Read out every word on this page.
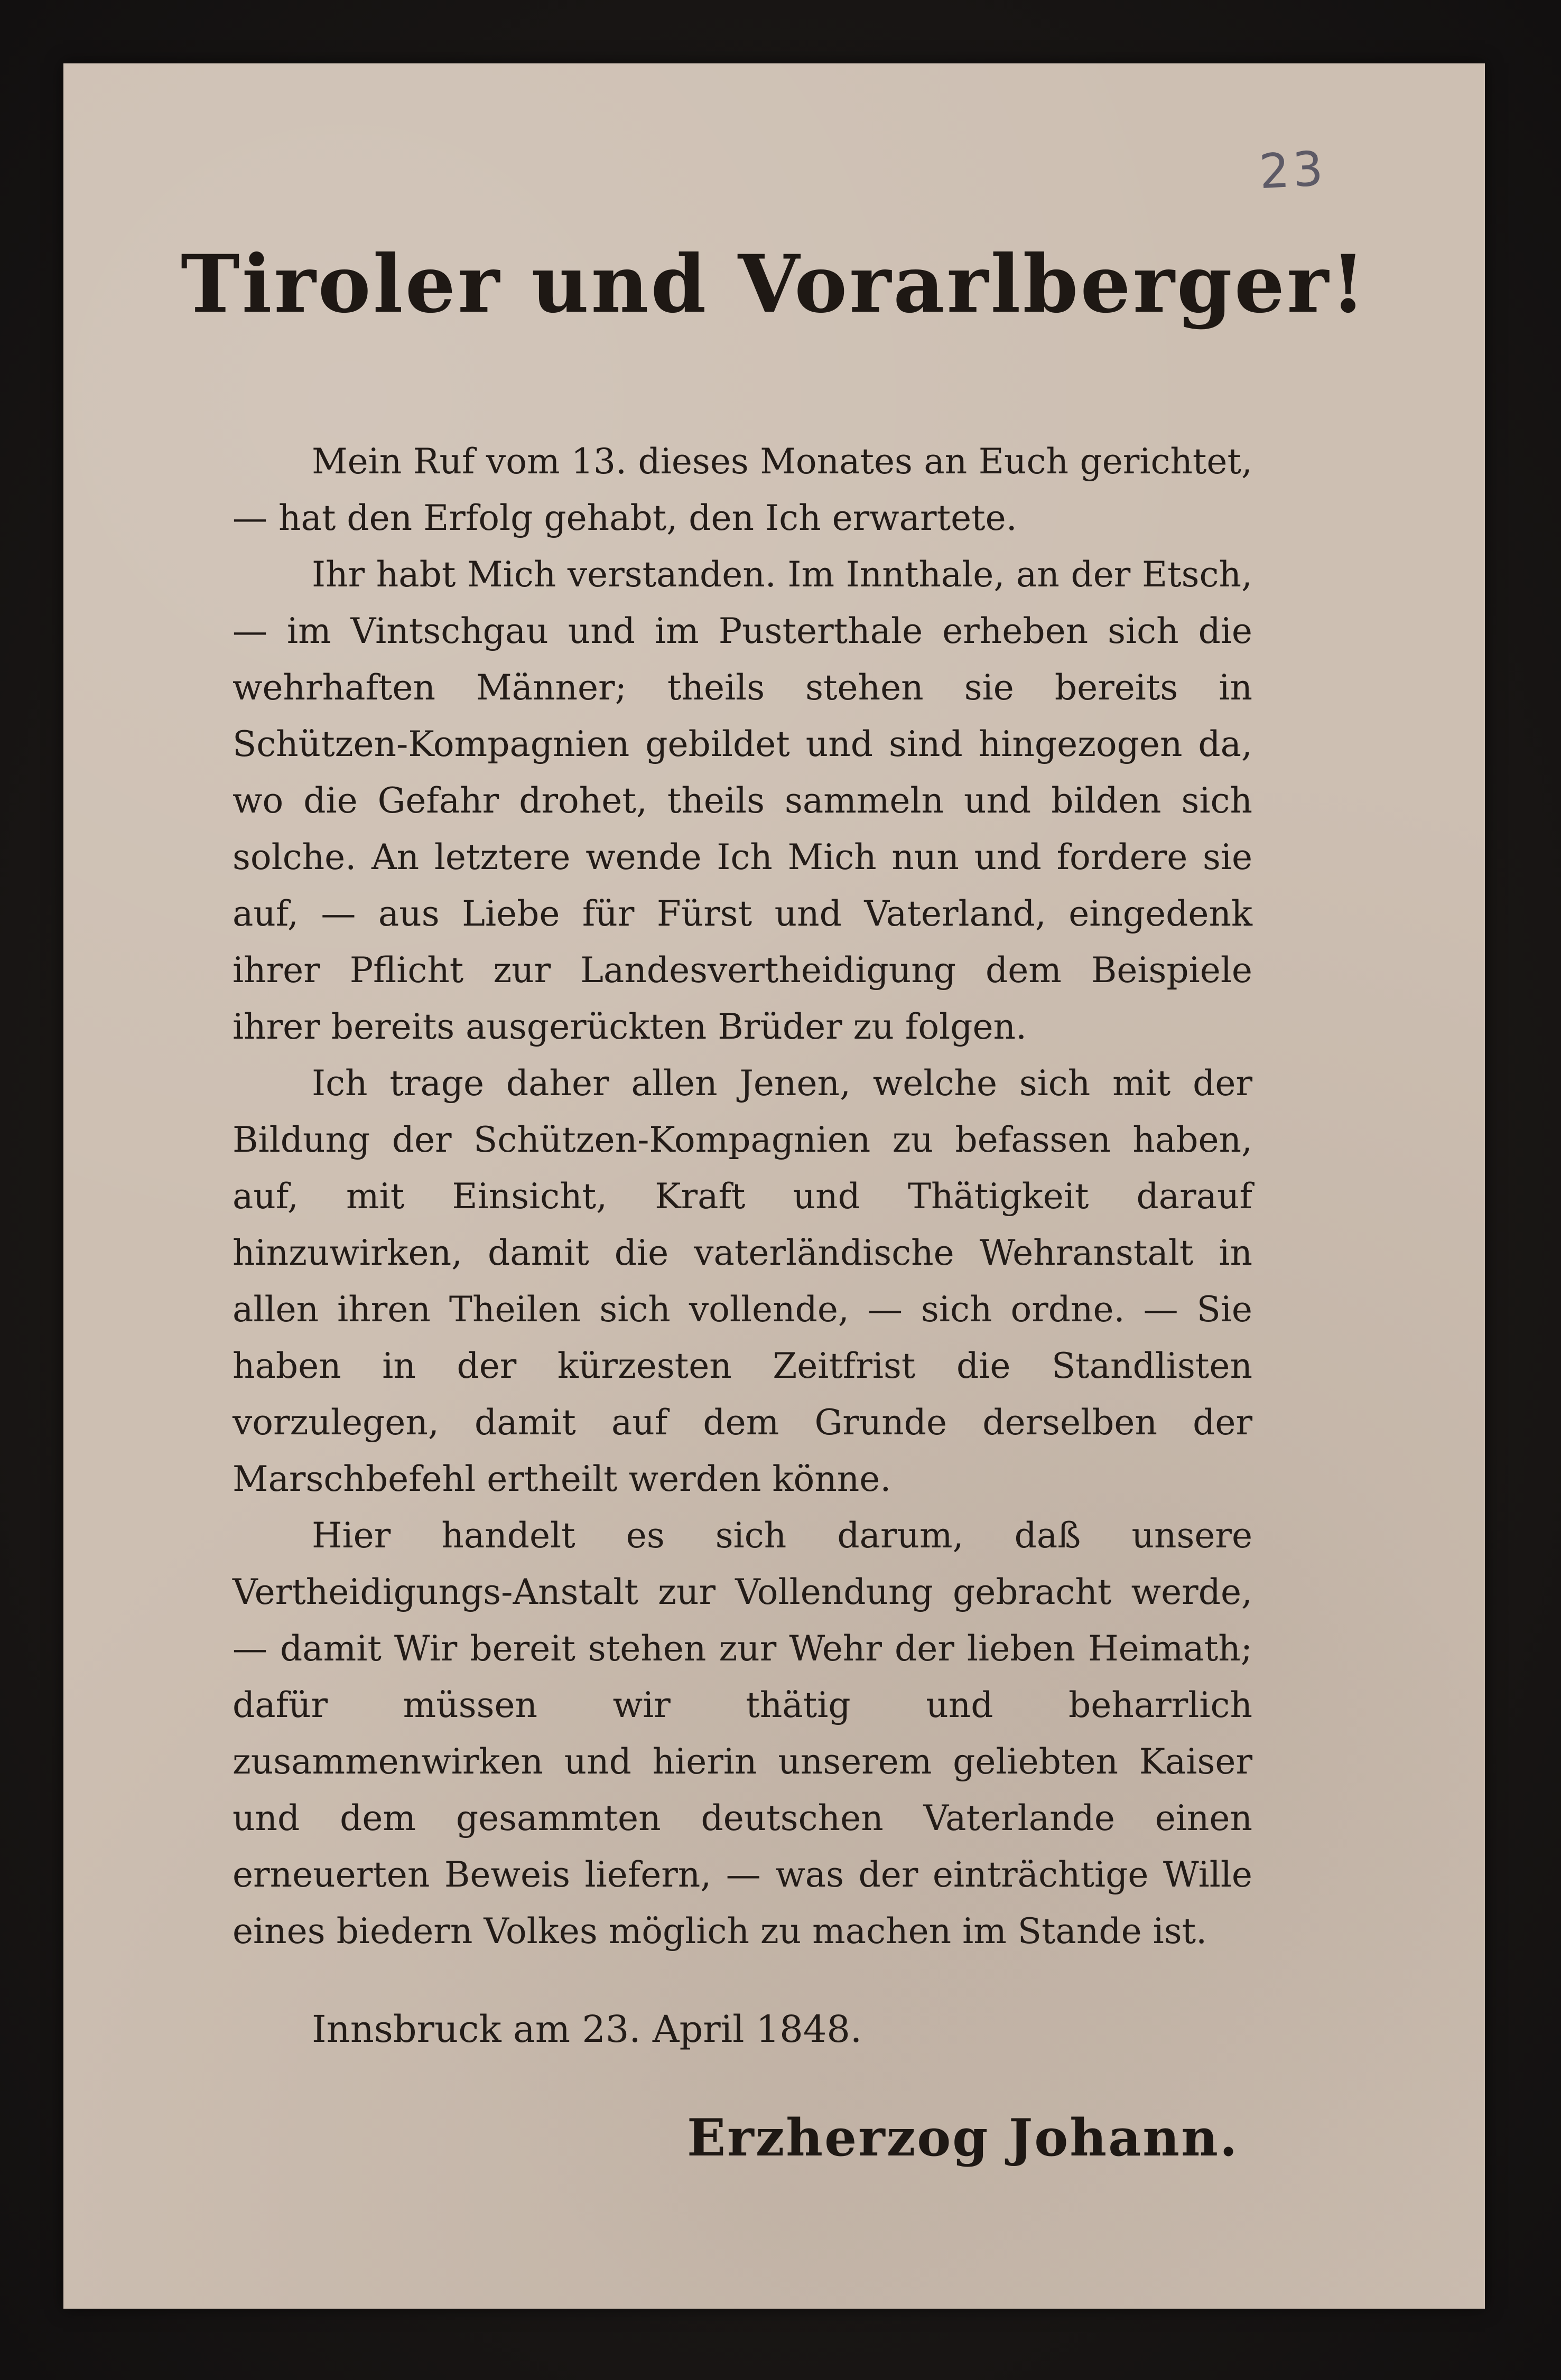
23
Tiroler und Vorarlberger!

Mein Ruf vom 13. dieses Monates an Euch gerichtet, — hat den Erfolg gehabt, den Ich erwartete.

Ihr habt Mich verstanden. Im Innthale, an der Etsch, — im Vintschgau und im Pusterthale erheben sich die wehrhaften Männer; theils stehen sie bereits in Schützen-Kompagnien gebildet und sind hingezogen da, wo die Gefahr drohet, theils sammeln und bilden sich solche. An letztere wende Ich Mich nun und fordere sie auf, — aus Liebe für Fürst und Vaterland, eingedenk ihrer Pflicht zur Landesvertheidigung dem Beispiele ihrer bereits ausgerückten Brüder zu folgen.

Ich trage daher allen Jenen, welche sich mit der Bildung der Schützen-Kompagnien zu befassen haben, auf, mit Einsicht, Kraft und Thätigkeit darauf hinzuwirken, damit die vaterländische Wehranstalt in allen ihren Theilen sich vollende, — sich ordne. — Sie haben in der kürzesten Zeitfrist die Standlisten vorzulegen, damit auf dem Grunde derselben der Marschbefehl ertheilt werden könne.

Hier handelt es sich darum, daß unsere Vertheidigungs-Anstalt zur Vollendung gebracht werde, — damit Wir bereit stehen zur Wehr der lieben Heimath; dafür müssen wir thätig und beharrlich zusammenwirken und hierin unserem geliebten Kaiser und dem gesammten deutschen Vaterlande einen erneuerten Beweis liefern, — was der einträchtige Wille eines biedern Volkes möglich zu machen im Stande ist.

Innsbruck am 23. April 1848.
Erzherzog Johann.
